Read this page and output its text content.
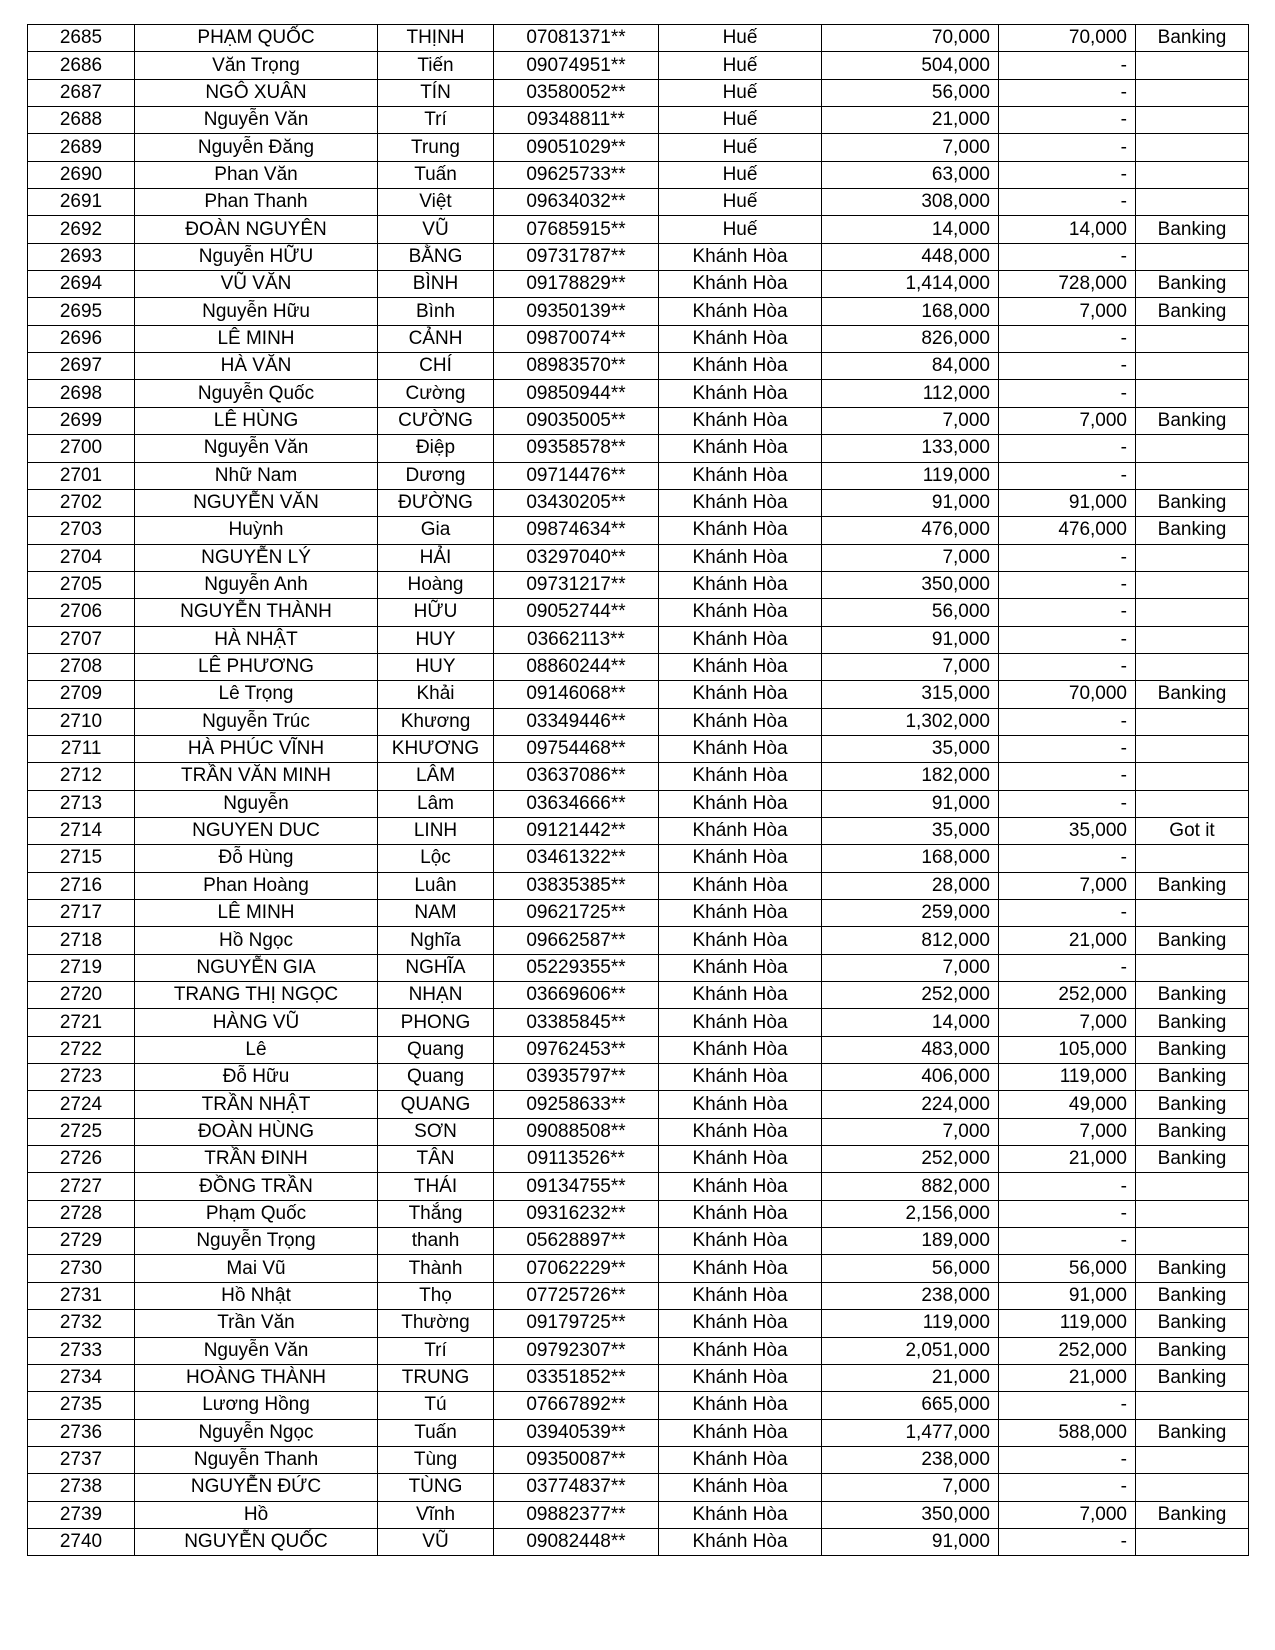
2685	PHẠM QUỐC	THỊNH	07081371**	Huế	70,000	70,000	Banking
2686	Văn Trọng	Tiến	09074951**	Huế	504,000	-	
2687	NGÔ XUÂN	TÍN	03580052**	Huế	56,000	-	
2688	Nguyễn Văn	Trí	09348811**	Huế	21,000	-	
2689	Nguyễn Đăng	Trung	09051029**	Huế	7,000	-	
2690	Phan Văn	Tuấn	09625733**	Huế	63,000	-	
2691	Phan Thanh	Việt	09634032**	Huế	308,000	-	
2692	ĐOÀN NGUYÊN	VŨ	07685915**	Huế	14,000	14,000	Banking
2693	Nguyễn HỮU	BẰNG	09731787**	Khánh Hòa	448,000	-	
2694	VŨ VĂN	BÌNH	09178829**	Khánh Hòa	1,414,000	728,000	Banking
2695	Nguyễn Hữu	Bình	09350139**	Khánh Hòa	168,000	7,000	Banking
2696	LÊ MINH	CẢNH	09870074**	Khánh Hòa	826,000	-	
2697	HÀ VĂN	CHÍ	08983570**	Khánh Hòa	84,000	-	
2698	Nguyễn Quốc	Cường	09850944**	Khánh Hòa	112,000	-	
2699	LÊ HÙNG	CƯỜNG	09035005**	Khánh Hòa	7,000	7,000	Banking
2700	Nguyễn Văn	Điệp	09358578**	Khánh Hòa	133,000	-	
2701	Nhữ Nam	Dương	09714476**	Khánh Hòa	119,000	-	
2702	NGUYỄN VĂN	ĐƯỜNG	03430205**	Khánh Hòa	91,000	91,000	Banking
2703	Huỳnh	Gia	09874634**	Khánh Hòa	476,000	476,000	Banking
2704	NGUYỄN LÝ	HẢI	03297040**	Khánh Hòa	7,000	-	
2705	Nguyễn Anh	Hoàng	09731217**	Khánh Hòa	350,000	-	
2706	NGUYỄN THÀNH	HỮU	09052744**	Khánh Hòa	56,000	-	
2707	HÀ NHẬT	HUY	03662113**	Khánh Hòa	91,000	-	
2708	LÊ PHƯƠNG	HUY	08860244**	Khánh Hòa	7,000	-	
2709	Lê Trọng	Khải	09146068**	Khánh Hòa	315,000	70,000	Banking
2710	Nguyễn Trúc	Khương	03349446**	Khánh Hòa	1,302,000	-	
2711	HÀ PHÚC VĨNH	KHƯƠNG	09754468**	Khánh Hòa	35,000	-	
2712	TRẦN VĂN MINH	LÂM	03637086**	Khánh Hòa	182,000	-	
2713	Nguyễn	Lâm	03634666**	Khánh Hòa	91,000	-	
2714	NGUYEN DUC	LINH	09121442**	Khánh Hòa	35,000	35,000	Got it
2715	Đỗ Hùng	Lộc	03461322**	Khánh Hòa	168,000	-	
2716	Phan Hoàng	Luân	03835385**	Khánh Hòa	28,000	7,000	Banking
2717	LÊ MINH	NAM	09621725**	Khánh Hòa	259,000	-	
2718	Hồ Ngọc	Nghĩa	09662587**	Khánh Hòa	812,000	21,000	Banking
2719	NGUYỄN GIA	NGHĨA	05229355**	Khánh Hòa	7,000	-	
2720	TRANG THỊ NGỌC	NHẠN	03669606**	Khánh Hòa	252,000	252,000	Banking
2721	HÀNG VŨ	PHONG	03385845**	Khánh Hòa	14,000	7,000	Banking
2722	Lê	Quang	09762453**	Khánh Hòa	483,000	105,000	Banking
2723	Đỗ Hữu	Quang	03935797**	Khánh Hòa	406,000	119,000	Banking
2724	TRẦN NHẬT	QUANG	09258633**	Khánh Hòa	224,000	49,000	Banking
2725	ĐOÀN HÙNG	SƠN	09088508**	Khánh Hòa	7,000	7,000	Banking
2726	TRẦN ĐINH	TÂN	09113526**	Khánh Hòa	252,000	21,000	Banking
2727	ĐỒNG TRẦN	THÁI	09134755**	Khánh Hòa	882,000	-	
2728	Phạm Quốc	Thắng	09316232**	Khánh Hòa	2,156,000	-	
2729	Nguyễn Trọng	thanh	05628897**	Khánh Hòa	189,000	-	
2730	Mai Vũ	Thành	07062229**	Khánh Hòa	56,000	56,000	Banking
2731	Hồ Nhật	Thọ	07725726**	Khánh Hòa	238,000	91,000	Banking
2732	Trần Văn	Thường	09179725**	Khánh Hòa	119,000	119,000	Banking
2733	Nguyễn Văn	Trí	09792307**	Khánh Hòa	2,051,000	252,000	Banking
2734	HOÀNG THÀNH	TRUNG	03351852**	Khánh Hòa	21,000	21,000	Banking
2735	Lương Hồng	Tú	07667892**	Khánh Hòa	665,000	-	
2736	Nguyễn Ngọc	Tuấn	03940539**	Khánh Hòa	1,477,000	588,000	Banking
2737	Nguyễn Thanh	Tùng	09350087**	Khánh Hòa	238,000	-	
2738	NGUYỄN ĐỨC	TÙNG	03774837**	Khánh Hòa	7,000	-	
2739	Hồ	Vĩnh	09882377**	Khánh Hòa	350,000	7,000	Banking
2740	NGUYỄN QUỐC	VŨ	09082448**	Khánh Hòa	91,000	-	
